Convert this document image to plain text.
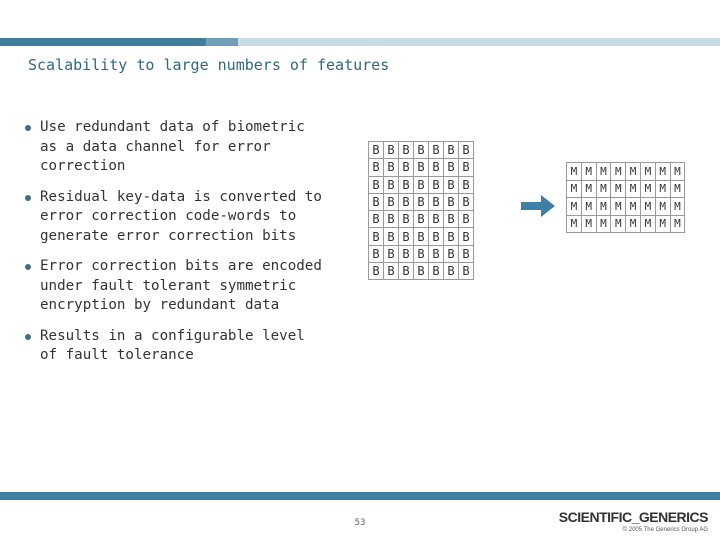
Scalability to large numbers of features
Use redundant data of biometric as a data channel for error correction
Residual key-data is converted to error correction code-words to generate error correction bits
Error correction bits are encoded under fault tolerant symmetric encryption by redundant data
Results in a configurable level of fault tolerance
B	B	B	B	B	B	B
B	B	B	B	B	B	B
B	B	B	B	B	B	B
B	B	B	B	B	B	B
B	B	B	B	B	B	B
B	B	B	B	B	B	B
B	B	B	B	B	B	B
B	B	B	B	B	B	B
M	M	M	M	M	M	M	M
M	M	M	M	M	M	M	M
M	M	M	M	M	M	M	M
M	M	M	M	M	M	M	M
53	SCIENTIFIC_GENERICS
© 2005 The Generics Group AG
